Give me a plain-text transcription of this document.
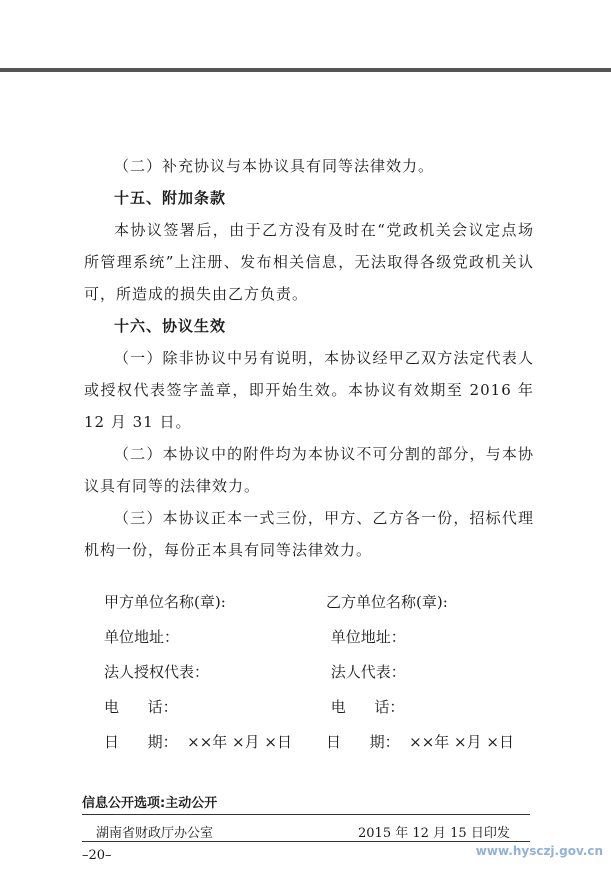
（二）补充协议与本协议具有同等法律效力。

十五、附加条款

本协议签署后，由于乙方没有及时在“党政机关会议定点场所管理系统”上注册、发布相关信息，无法取得各级党政机关认可，所造成的损失由乙方负责。

十六、协议生效

（一）除非协议中另有说明，本协议经甲乙双方法定代表人或授权代表签字盖章，即开始生效。本协议有效期至 2016 年 12 月 31 日。

（二）本协议中的附件均为本协议不可分割的部分，与本协议具有同等的法律效力。

（三）本协议正本一式三份，甲方、乙方各一份，招标代理机构一份，每份正本具有同等法律效力。

甲方单位名称(章):	乙方单位名称(章):
单位地址：	单位地址：
法人授权代表：	法人代表：
电      话：	电      话：
日      期：  ××年 ×月 ×日 日      期：  ××年 ×月 ×日
信息公开选项:主动公开
湖南省财政厅办公室	2015 年 12 月 15 日印发
–20–	www.hysczj.gov.cn
